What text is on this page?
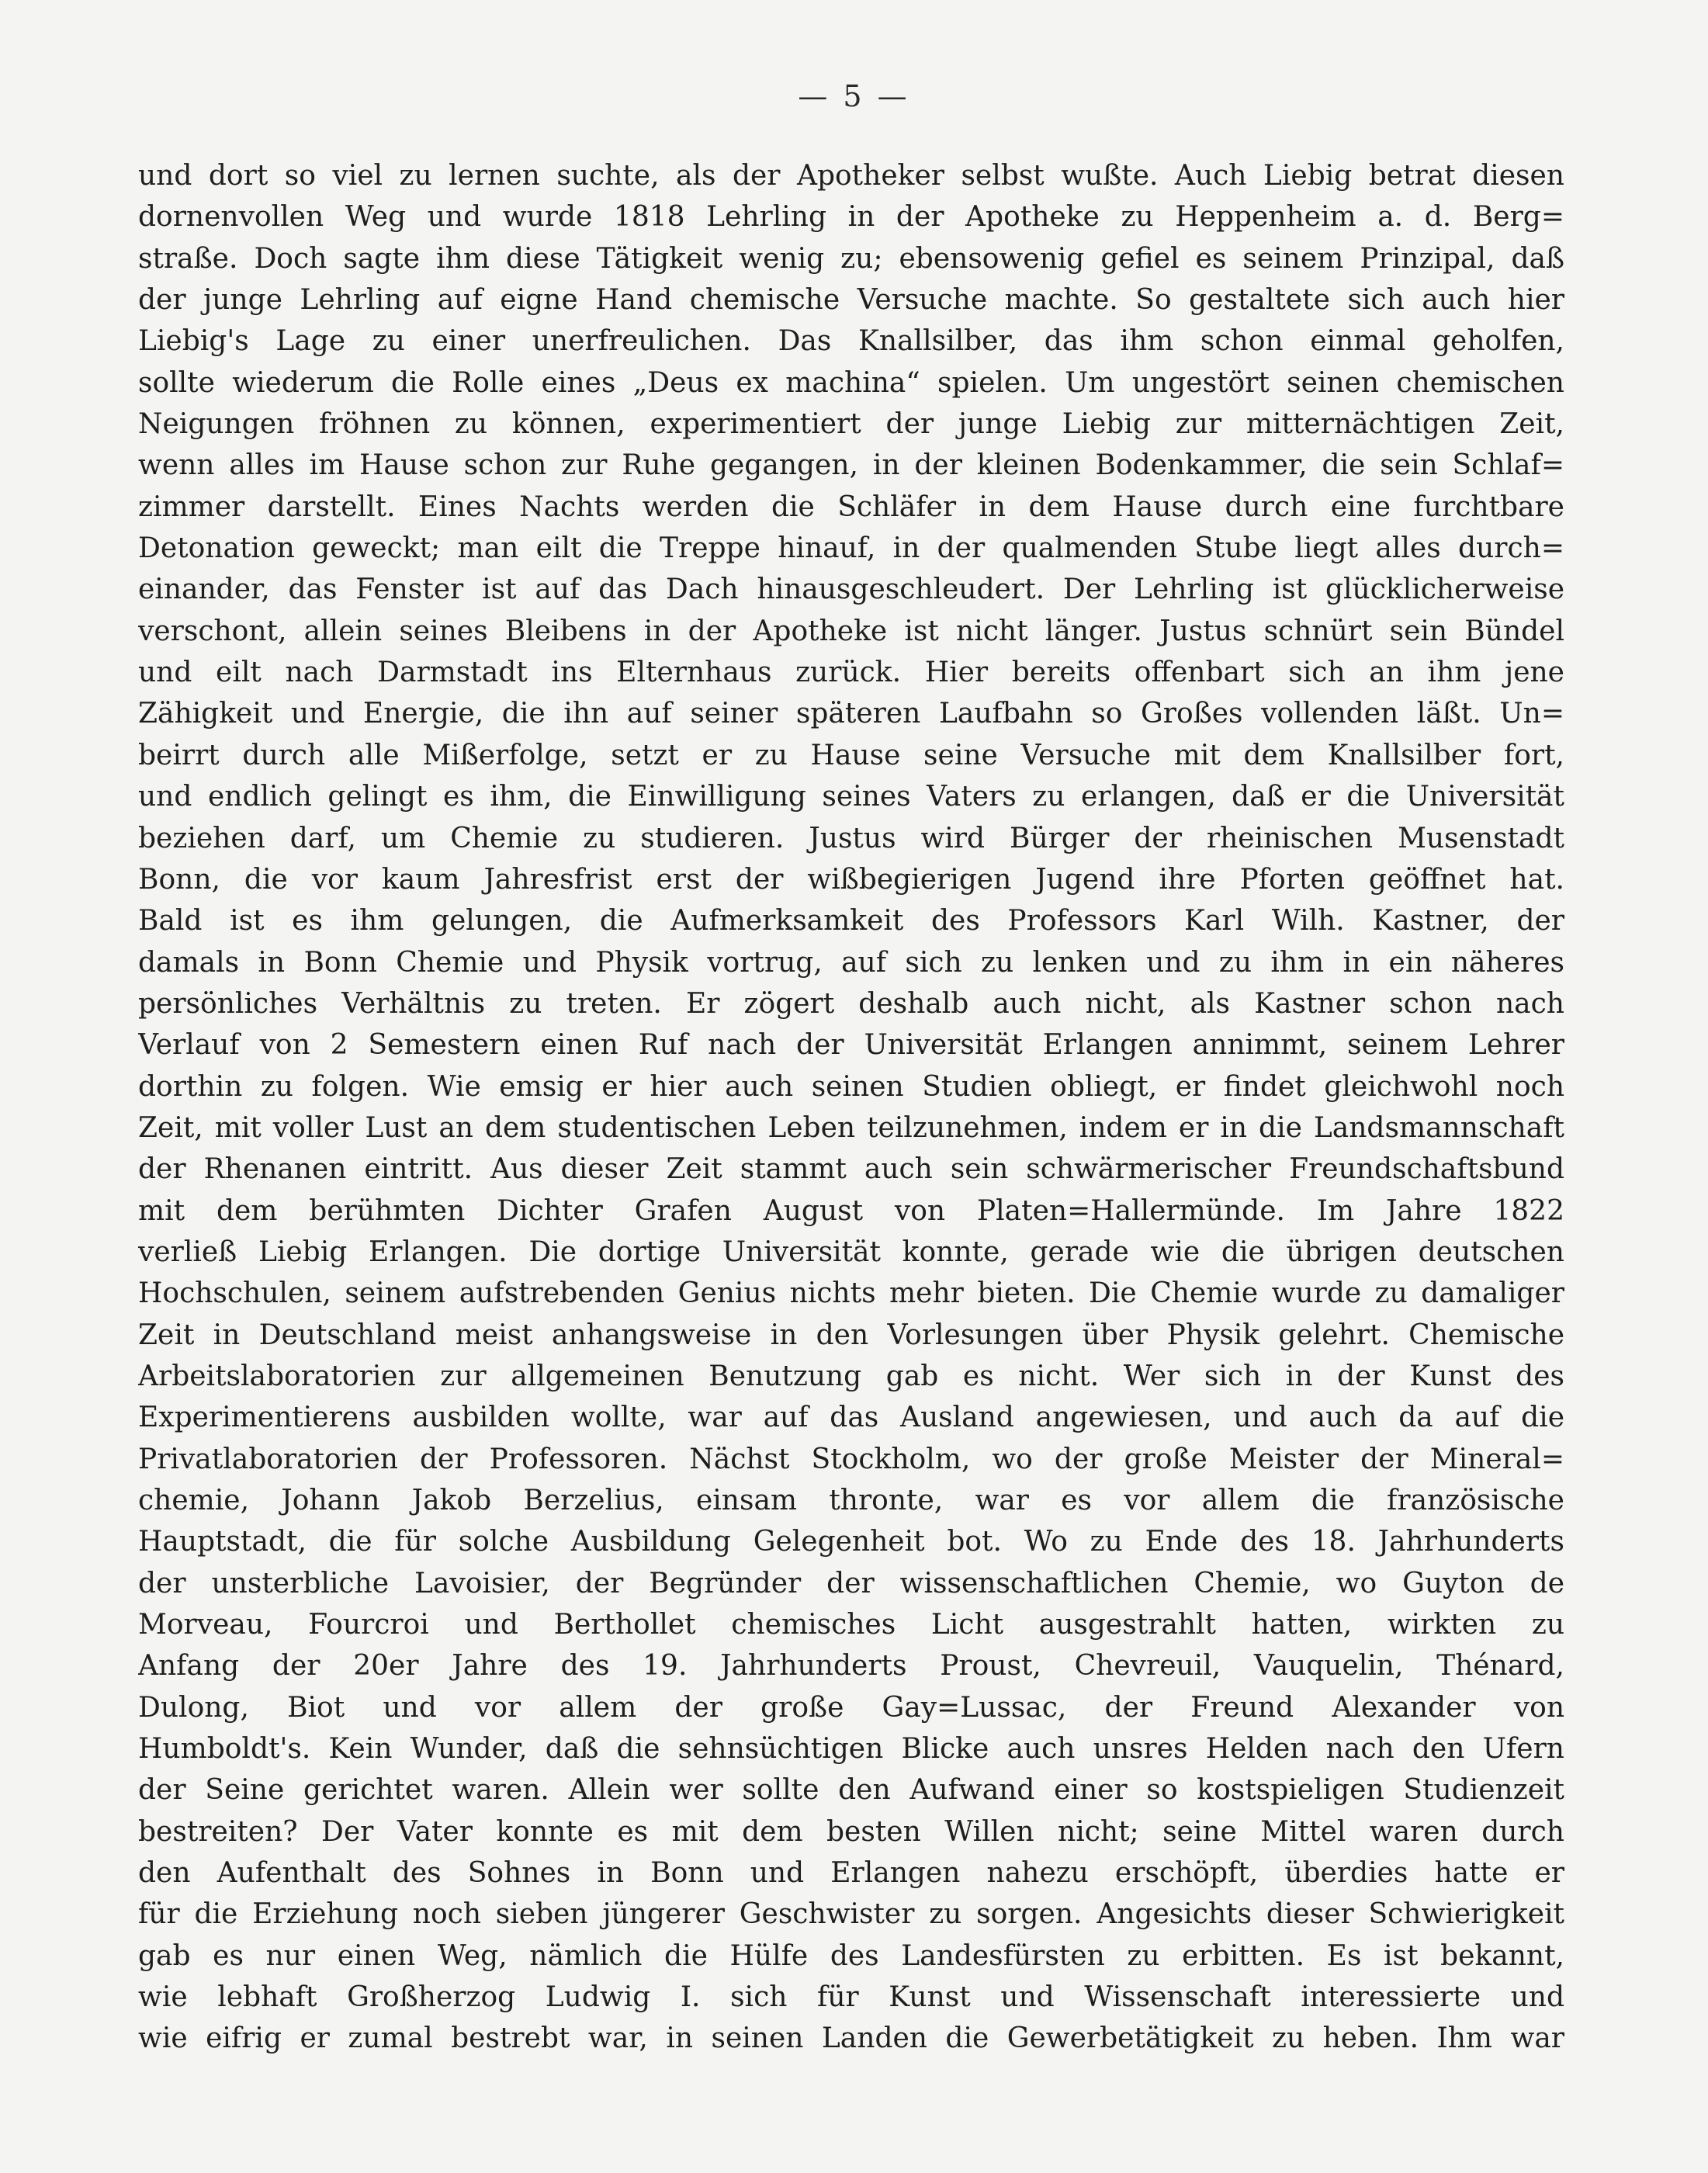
— 5 —
und dort so viel zu lernen suchte, als der Apotheker selbst wußte. Auch Liebig betrat diesen
dornenvollen Weg und wurde 1818 Lehrling in der Apotheke zu Heppenheim a. d. Berg=
straße. Doch sagte ihm diese Tätigkeit wenig zu; ebensowenig gefiel es seinem Prinzipal, daß
der junge Lehrling auf eigne Hand chemische Versuche machte. So gestaltete sich auch hier
Liebig's Lage zu einer unerfreulichen. Das Knallsilber, das ihm schon einmal geholfen,
sollte wiederum die Rolle eines „Deus ex machina“ spielen. Um ungestört seinen chemischen
Neigungen fröhnen zu können, experimentiert der junge Liebig zur mitternächtigen Zeit,
wenn alles im Hause schon zur Ruhe gegangen, in der kleinen Bodenkammer, die sein Schlaf=
zimmer darstellt. Eines Nachts werden die Schläfer in dem Hause durch eine furchtbare
Detonation geweckt; man eilt die Treppe hinauf, in der qualmenden Stube liegt alles durch=
einander, das Fenster ist auf das Dach hinausgeschleudert. Der Lehrling ist glücklicherweise
verschont, allein seines Bleibens in der Apotheke ist nicht länger. Justus schnürt sein Bündel
und eilt nach Darmstadt ins Elternhaus zurück. Hier bereits offenbart sich an ihm jene
Zähigkeit und Energie, die ihn auf seiner späteren Laufbahn so Großes vollenden läßt. Un=
beirrt durch alle Mißerfolge, setzt er zu Hause seine Versuche mit dem Knallsilber fort,
und endlich gelingt es ihm, die Einwilligung seines Vaters zu erlangen, daß er die Universität
beziehen darf, um Chemie zu studieren. Justus wird Bürger der rheinischen Musenstadt
Bonn, die vor kaum Jahresfrist erst der wißbegierigen Jugend ihre Pforten geöffnet hat.
Bald ist es ihm gelungen, die Aufmerksamkeit des Professors Karl Wilh. Kastner, der
damals in Bonn Chemie und Physik vortrug, auf sich zu lenken und zu ihm in ein näheres
persönliches Verhältnis zu treten. Er zögert deshalb auch nicht, als Kastner schon nach
Verlauf von 2 Semestern einen Ruf nach der Universität Erlangen annimmt, seinem Lehrer
dorthin zu folgen. Wie emsig er hier auch seinen Studien obliegt, er findet gleichwohl noch
Zeit, mit voller Lust an dem studentischen Leben teilzunehmen, indem er in die Landsmannschaft
der Rhenanen eintritt. Aus dieser Zeit stammt auch sein schwärmerischer Freundschaftsbund
mit dem berühmten Dichter Grafen August von Platen=Hallermünde. Im Jahre 1822
verließ Liebig Erlangen. Die dortige Universität konnte, gerade wie die übrigen deutschen
Hochschulen, seinem aufstrebenden Genius nichts mehr bieten. Die Chemie wurde zu damaliger
Zeit in Deutschland meist anhangsweise in den Vorlesungen über Physik gelehrt. Chemische
Arbeitslaboratorien zur allgemeinen Benutzung gab es nicht. Wer sich in der Kunst des
Experimentierens ausbilden wollte, war auf das Ausland angewiesen, und auch da auf die
Privatlaboratorien der Professoren. Nächst Stockholm, wo der große Meister der Mineral=
chemie, Johann Jakob Berzelius, einsam thronte, war es vor allem die französische
Hauptstadt, die für solche Ausbildung Gelegenheit bot. Wo zu Ende des 18. Jahrhunderts
der unsterbliche Lavoisier, der Begründer der wissenschaftlichen Chemie, wo Guyton de
Morveau, Fourcroi und Berthollet chemisches Licht ausgestrahlt hatten, wirkten zu
Anfang der 20er Jahre des 19. Jahrhunderts Proust, Chevreuil, Vauquelin, Thénard,
Dulong, Biot und vor allem der große Gay=Lussac, der Freund Alexander von
Humboldt's. Kein Wunder, daß die sehnsüchtigen Blicke auch unsres Helden nach den Ufern
der Seine gerichtet waren. Allein wer sollte den Aufwand einer so kostspieligen Studienzeit
bestreiten? Der Vater konnte es mit dem besten Willen nicht; seine Mittel waren durch
den Aufenthalt des Sohnes in Bonn und Erlangen nahezu erschöpft, überdies hatte er
für die Erziehung noch sieben jüngerer Geschwister zu sorgen. Angesichts dieser Schwierigkeit
gab es nur einen Weg, nämlich die Hülfe des Landesfürsten zu erbitten. Es ist bekannt,
wie lebhaft Großherzog Ludwig I. sich für Kunst und Wissenschaft interessierte und
wie eifrig er zumal bestrebt war, in seinen Landen die Gewerbetätigkeit zu heben. Ihm war
